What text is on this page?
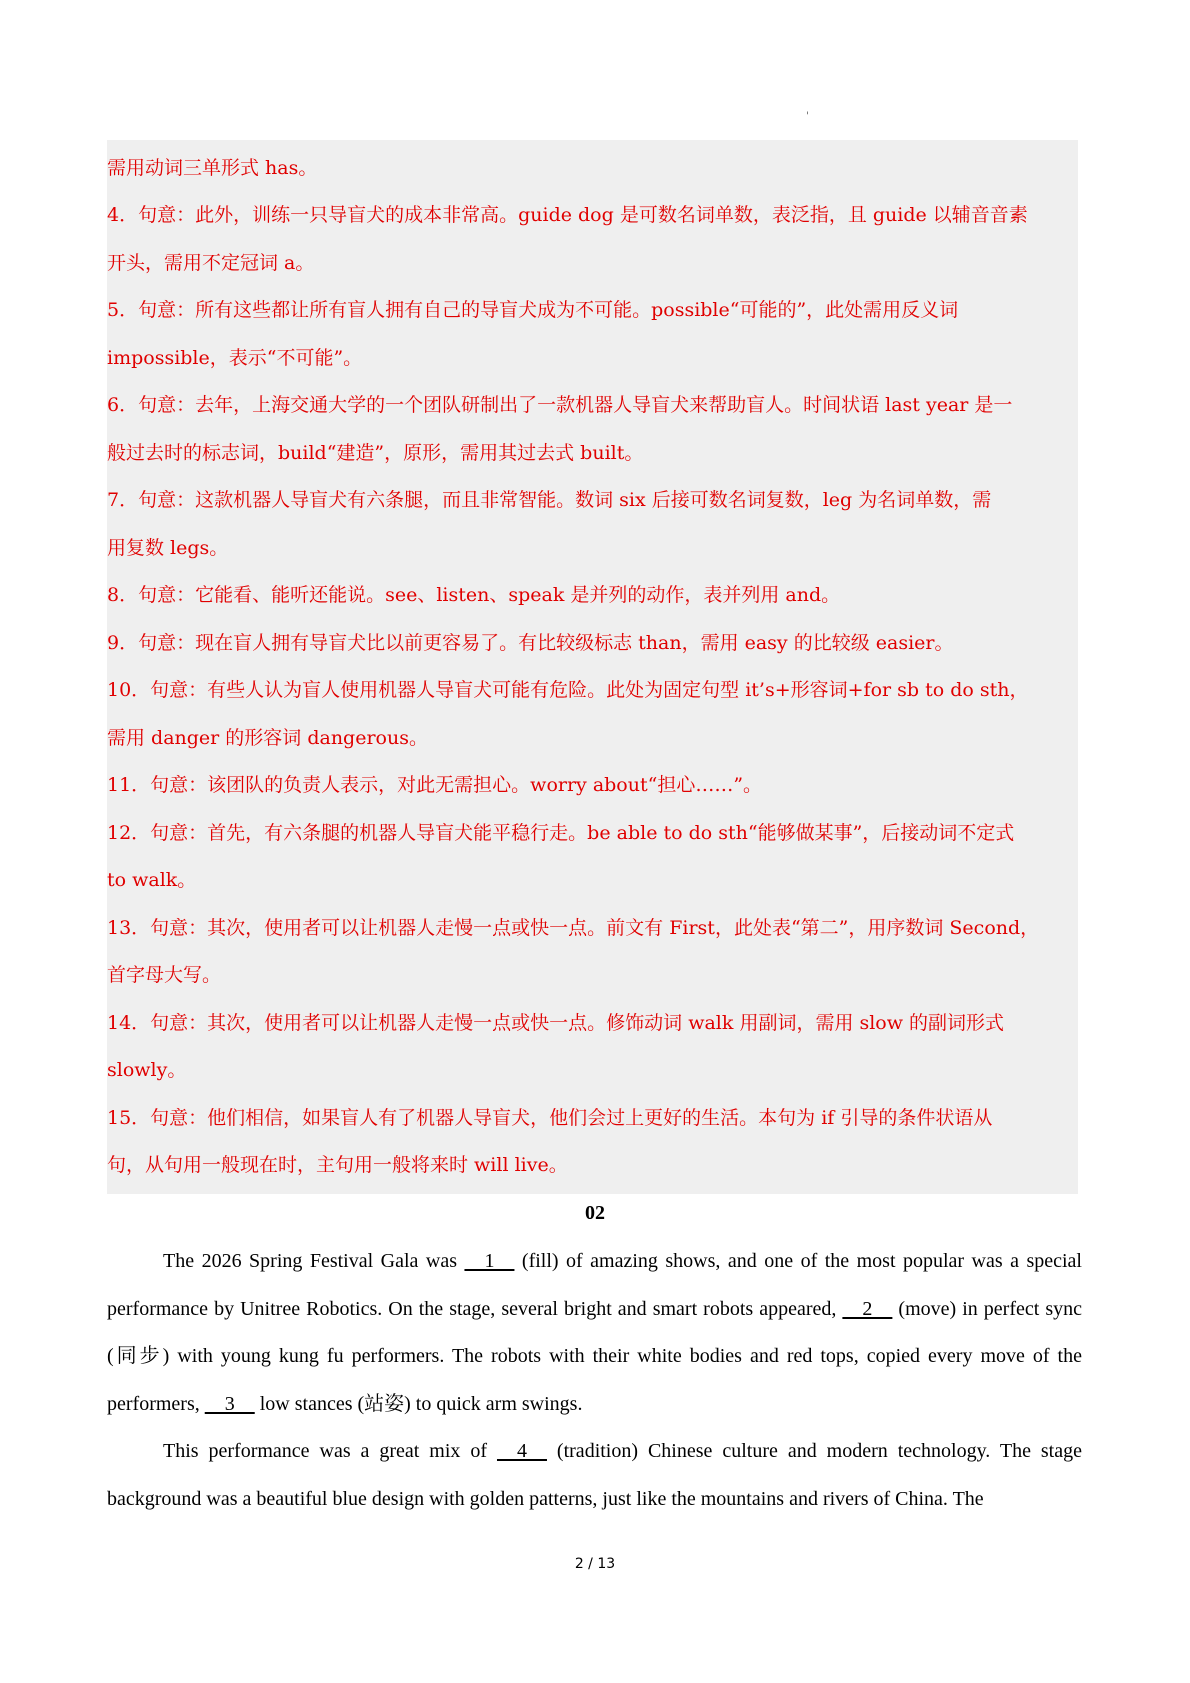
'
需用动词三单形式 has。
4．句意：此外，训练一只导盲犬的成本非常高。guide dog 是可数名词单数，表泛指，且 guide 以辅音音素
开头，需用不定冠词 a。
5．句意：所有这些都让所有盲人拥有自己的导盲犬成为不可能。possible“可能的”，此处需用反义词
impossible，表示“不可能”。
6．句意：去年，上海交通大学的一个团队研制出了一款机器人导盲犬来帮助盲人。时间状语 last year 是一
般过去时的标志词，build“建造”，原形，需用其过去式 built。
7．句意：这款机器人导盲犬有六条腿，而且非常智能。数词 six 后接可数名词复数，leg 为名词单数，需
用复数 legs。
8．句意：它能看、能听还能说。see、listen、speak 是并列的动作，表并列用 and。
9．句意：现在盲人拥有导盲犬比以前更容易了。有比较级标志 than，需用 easy 的比较级 easier。
10．句意：有些人认为盲人使用机器人导盲犬可能有危险。此处为固定句型 it’s+形容词+for sb to do sth，
需用 danger 的形容词 dangerous。
11．句意：该团队的负责人表示，对此无需担心。worry about“担心……”。
12．句意：首先，有六条腿的机器人导盲犬能平稳行走。be able to do sth“能够做某事”，后接动词不定式
to walk。
13．句意：其次，使用者可以让机器人走慢一点或快一点。前文有 First，此处表“第二”，用序数词 Second，
首字母大写。
14．句意：其次，使用者可以让机器人走慢一点或快一点。修饰动词 walk 用副词，需用 slow 的副词形式
slowly。
15．句意：他们相信，如果盲人有了机器人导盲犬，他们会过上更好的生活。本句为 if 引导的条件状语从
句，从句用一般现在时，主句用一般将来时 will live。
02

The 2026 Spring Festival Gala was     1     (fill) of amazing shows, and one of the most popular was a special performance by Unitree Robotics. On the stage, several bright and smart robots appeared,     2     (move) in perfect sync (同步) with young kung fu performers. The robots with their white bodies and red tops, copied every move of the performers,     3     low stances (站姿) to quick arm swings.

This performance was a great mix of     4     (tradition) Chinese culture and modern technology. The stage background was a beautiful blue design with golden patterns, just like the mountains and rivers of China. The

2 / 13
